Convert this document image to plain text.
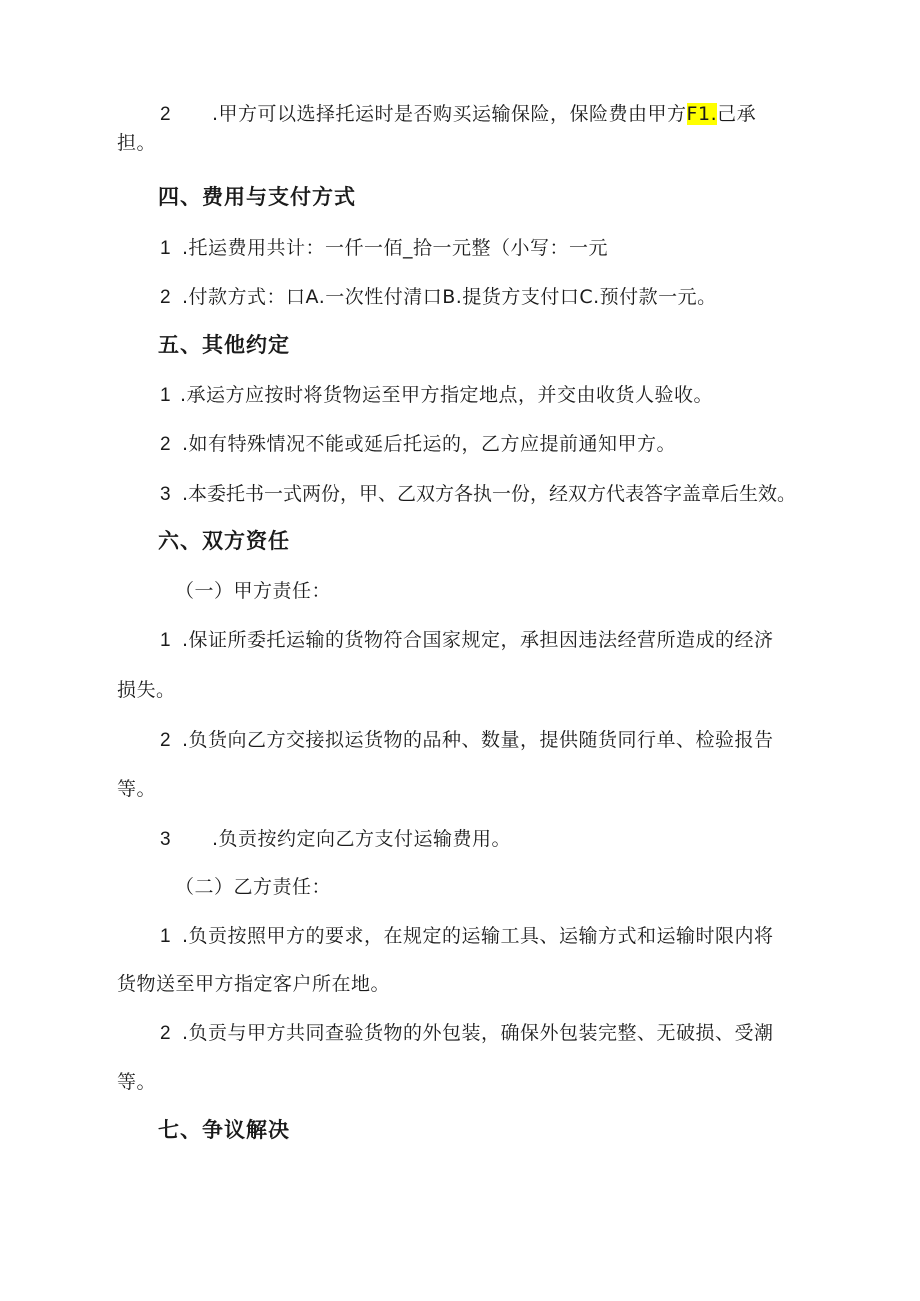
2 .甲方可以选择托运时是否购买运输保险，保险费由甲方F1.己承
担。
四、费用与支付方式
1 .托运费用共计：一仟一佰_拾一元整（小写：一元
2 .付款方式：口A.一次性付清口B.提货方支付口C.预付款一元。
五、其他约定
1 .承运方应按时将货物运至甲方指定地点，并交由收货人验收。
2 .如有特殊情况不能或延后托运的，乙方应提前通知甲方。
3 .本委托书一式两份，甲、乙双方各执一份，经双方代表答字盖章后生效。
六、双方资任
（一）甲方责任：
1 .保证所委托运输的货物符合国家规定，承担因违法经营所造成的经济
损失。
2 .负货向乙方交接拟运货物的品种、数量，提供随货同行单、检验报告
等。
3 .负贡按约定向乙方支付运输费用。
（二）乙方责任：
1 .负贡按照甲方的要求，在规定的运输工具、运输方式和运输时限内将
货物送至甲方指定客户所在地。
2 .负贡与甲方共同查验货物的外包装，确保外包装完整、无破损、受潮
等。
七、争议解决
